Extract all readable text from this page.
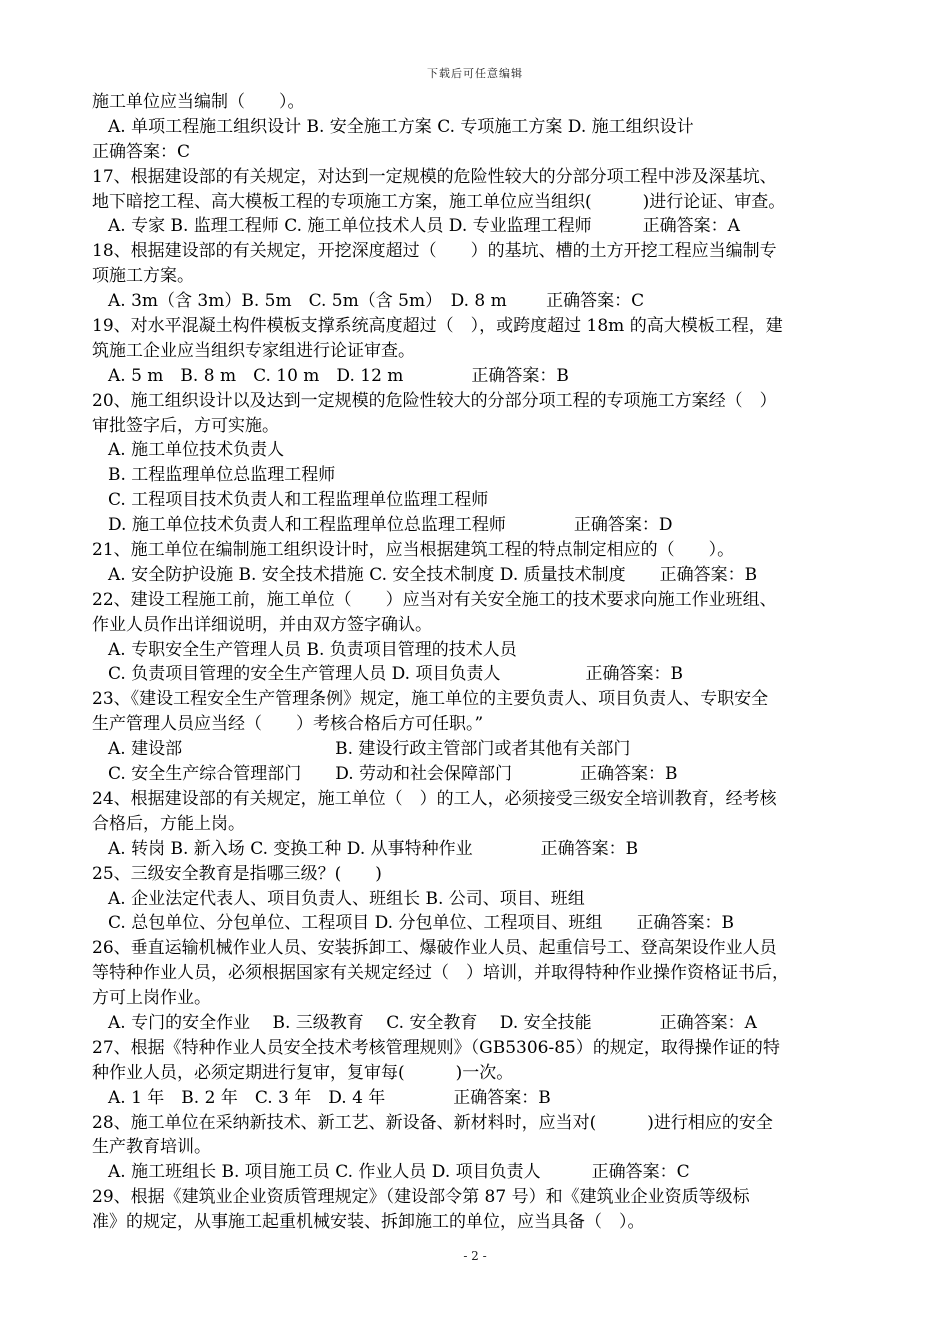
下载后可任意编辑
施工单位应当编制（　　）。
A. 单项工程施工组织设计 B. 安全施工方案 C. 专项施工方案 D. 施工组织设计
正确答案：C
17、根据建设部的有关规定，对达到一定规模的危险性较大的分部分项工程中涉及深基坑、
地下暗挖工程、高大模板工程的专项施工方案，施工单位应当组织(　　　)进行论证、审查。
A. 专家 B. 监理工程师 C. 施工单位技术人员 D. 专业监理工程师　　　正确答案：A
18、根据建设部的有关规定，开挖深度超过（　　）的基坑、槽的土方开挖工程应当编制专
项施工方案。
A. 3m（含 3m）B. 5m　C. 5m（含 5m）　D. 8 m　　 正确答案：C
19、对水平混凝土构件模板支撑系统高度超过（　），或跨度超过 18m 的高大模板工程，建
筑施工企业应当组织专家组进行论证审查。
A. 5 m　B. 8 m　C. 10 m　D. 12 m　　　　正确答案：B
20、施工组织设计以及达到一定规模的危险性较大的分部分项工程的专项施工方案经（　）
审批签字后，方可实施。
A. 施工单位技术负责人
B. 工程监理单位总监理工程师
C. 工程项目技术负责人和工程监理单位监理工程师
D. 施工单位技术负责人和工程监理单位总监理工程师　　　　正确答案：D
21、施工单位在编制施工组织设计时，应当根据建筑工程的特点制定相应的（　　）。
A. 安全防护设施 B. 安全技术措施 C. 安全技术制度 D. 质量技术制度　　正确答案：B
22、建设工程施工前，施工单位（　　）应当对有关安全施工的技术要求向施工作业班组、
作业人员作出详细说明，并由双方签字确认。
A. 专职安全生产管理人员 B. 负责项目管理的技术人员
C. 负责项目管理的安全生产管理人员 D. 项目负责人　　　　　正确答案：B
23、《建设工程安全生产管理条例》规定，施工单位的主要负责人、项目负责人、专职安全
生产管理人员应当经（　　）考核合格后方可任职。”
A. 建设部　　　　　　　　　B. 建设行政主管部门或者其他有关部门
C. 安全生产综合管理部门　　D. 劳动和社会保障部门　　　　正确答案：B
24、根据建设部的有关规定，施工单位（　）的工人，必须接受三级安全培训教育，经考核
合格后，方能上岗。
A. 转岗 B. 新入场 C. 变换工种 D. 从事特种作业　　　　正确答案：B
25、三级安全教育是指哪三级？(　　)
A. 企业法定代表人、项目负责人、班组长 B. 公司、项目、班组
C. 总包单位、分包单位、工程项目 D. 分包单位、工程项目、班组　　正确答案：B
26、垂直运输机械作业人员、安装拆卸工、爆破作业人员、起重信号工、登高架设作业人员
等特种作业人员，必须根据国家有关规定经过（　）培训，并取得特种作业操作资格证书后，
方可上岗作业。
A. 专门的安全作业　 B. 三级教育　 C. 安全教育　 D. 安全技能　　　　正确答案：A
27、根据《特种作业人员安全技术考核管理规则》（GB5306-85）的规定，取得操作证的特
种作业人员，必须定期进行复审，复审每(　　　)一次。
A. 1 年　B. 2 年　C. 3 年　D. 4 年　　　　正确答案：B
28、施工单位在采纳新技术、新工艺、新设备、新材料时，应当对(　　　)进行相应的安全
生产教育培训。
A. 施工班组长 B. 项目施工员 C. 作业人员 D. 项目负责人　　　正确答案：C
29、根据《建筑业企业资质管理规定》（建设部令第 87 号）和《建筑业企业资质等级标
准》的规定，从事施工起重机械安装、拆卸施工的单位，应当具备（　）。
- 2 -
